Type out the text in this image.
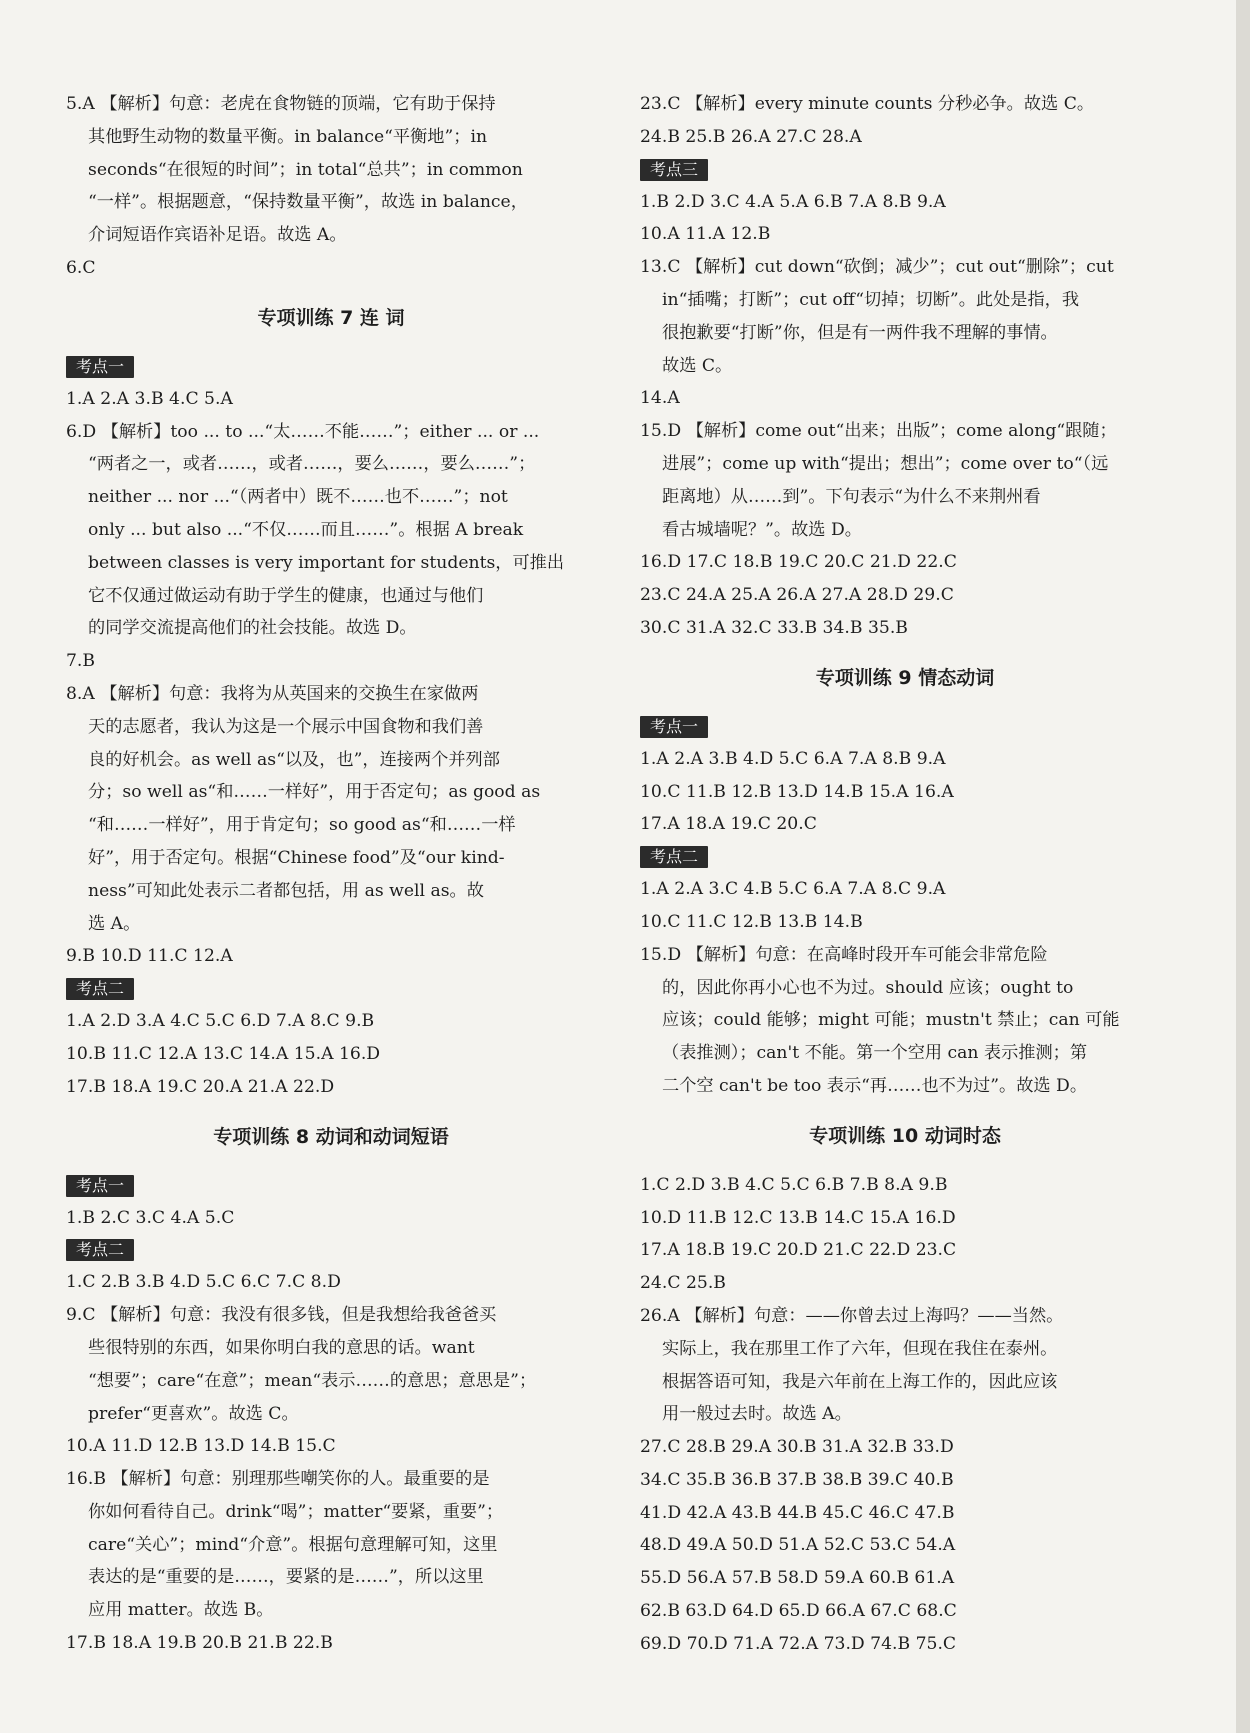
5.A 【解析】句意：老虎在食物链的顶端，它有助于保持
其他野生动物的数量平衡。in balance“平衡地”；in
seconds“在很短的时间”；in total“总共”；in common
“一样”。根据题意，“保持数量平衡”，故选 in balance，
介词短语作宾语补足语。故选 A。
6.C
专项训练 7 连 词
考点一
1.A 2.A 3.B 4.C 5.A
6.D 【解析】too ... to ...“太……不能……”；either ... or ...
“两者之一，或者……，或者……，要么……，要么……”；
neither ... nor ...“（两者中）既不……也不……”；not
only ... but also ...“不仅……而且……”。根据 A break
between classes is very important for students，可推出
它不仅通过做运动有助于学生的健康，也通过与他们
的同学交流提高他们的社会技能。故选 D。
7.B
8.A 【解析】句意：我将为从英国来的交换生在家做两
天的志愿者，我认为这是一个展示中国食物和我们善
良的好机会。as well as“以及，也”，连接两个并列部
分；so well as“和……一样好”，用于否定句；as good as
“和……一样好”，用于肯定句；so good as“和……一样
好”，用于否定句。根据“Chinese food”及“our kind-
ness”可知此处表示二者都包括，用 as well as。故
选 A。
9.B 10.D 11.C 12.A
考点二
1.A 2.D 3.A 4.C 5.C 6.D 7.A 8.C 9.B
10.B 11.C 12.A 13.C 14.A 15.A 16.D
17.B 18.A 19.C 20.A 21.A 22.D
专项训练 8 动词和动词短语
考点一
1.B 2.C 3.C 4.A 5.C
考点二
1.C 2.B 3.B 4.D 5.C 6.C 7.C 8.D
9.C 【解析】句意：我没有很多钱，但是我想给我爸爸买
些很特别的东西，如果你明白我的意思的话。want
“想要”；care“在意”；mean“表示……的意思；意思是”；
prefer“更喜欢”。故选 C。
10.A 11.D 12.B 13.D 14.B 15.C
16.B 【解析】句意：别理那些嘲笑你的人。最重要的是
你如何看待自己。drink“喝”；matter“要紧，重要”；
care“关心”；mind“介意”。根据句意理解可知，这里
表达的是“重要的是……，要紧的是……”，所以这里
应用 matter。故选 B。
17.B 18.A 19.B 20.B 21.B 22.B
23.C 【解析】every minute counts 分秒必争。故选 C。
24.B 25.B 26.A 27.C 28.A
考点三
1.B 2.D 3.C 4.A 5.A 6.B 7.A 8.B 9.A
10.A 11.A 12.B
13.C 【解析】cut down“砍倒；减少”；cut out“删除”；cut
in“插嘴；打断”；cut off“切掉；切断”。此处是指，我
很抱歉要“打断”你，但是有一两件我不理解的事情。
故选 C。
14.A
15.D 【解析】come out“出来；出版”；come along“跟随；
进展”；come up with“提出；想出”；come over to“（远
距离地）从……到”。下句表示“为什么不来荆州看
看古城墙呢？”。故选 D。
16.D 17.C 18.B 19.C 20.C 21.D 22.C
23.C 24.A 25.A 26.A 27.A 28.D 29.C
30.C 31.A 32.C 33.B 34.B 35.B
专项训练 9 情态动词
考点一
1.A 2.A 3.B 4.D 5.C 6.A 7.A 8.B 9.A
10.C 11.B 12.B 13.D 14.B 15.A 16.A
17.A 18.A 19.C 20.C
考点二
1.A 2.A 3.C 4.B 5.C 6.A 7.A 8.C 9.A
10.C 11.C 12.B 13.B 14.B
15.D 【解析】句意：在高峰时段开车可能会非常危险
的，因此你再小心也不为过。should 应该；ought to
应该；could 能够；might 可能；mustn't 禁止；can 可能
（表推测）；can't 不能。第一个空用 can 表示推测；第
二个空 can't be too 表示“再……也不为过”。故选 D。
专项训练 10 动词时态
1.C 2.D 3.B 4.C 5.C 6.B 7.B 8.A 9.B
10.D 11.B 12.C 13.B 14.C 15.A 16.D
17.A 18.B 19.C 20.D 21.C 22.D 23.C
24.C 25.B
26.A 【解析】句意：——你曾去过上海吗？——当然。
实际上，我在那里工作了六年，但现在我住在泰州。
根据答语可知，我是六年前在上海工作的，因此应该
用一般过去时。故选 A。
27.C 28.B 29.A 30.B 31.A 32.B 33.D
34.C 35.B 36.B 37.B 38.B 39.C 40.B
41.D 42.A 43.B 44.B 45.C 46.C 47.B
48.D 49.A 50.D 51.A 52.C 53.C 54.A
55.D 56.A 57.B 58.D 59.A 60.B 61.A
62.B 63.D 64.D 65.D 66.A 67.C 68.C
69.D 70.D 71.A 72.A 73.D 74.B 75.C
